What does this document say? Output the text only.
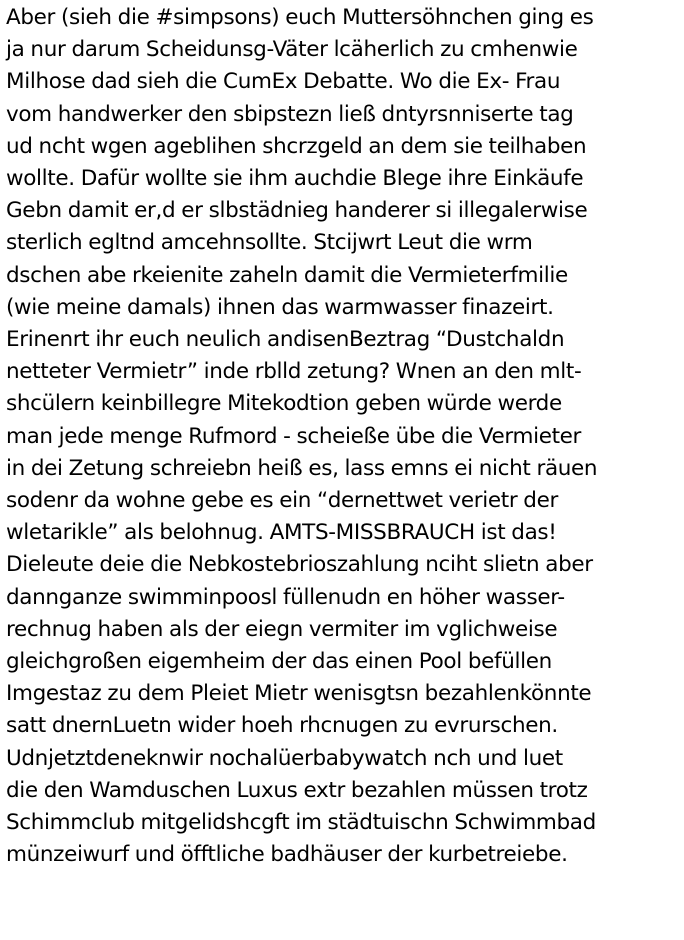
Aber (sieh die #simpsons) euch Muttersöhnchen ging es
ja nur darum Scheidunsg-Väter lcäherlich zu cmhenwie
Milhose dad sieh die CumEx Debatte. Wo die Ex- Frau
vom handwerker den sbipstezn ließ dntyrsnniserte tag
ud ncht wgen ageblihen shcrzgeld an dem sie teilhaben
wollte. Dafür wollte sie ihm auchdie Blege ihre Einkäufe
Gebn damit er,d er slbstädnieg handerer si illegalerwise
sterlich egltnd amcehnsollte. Stcijwrt Leut die wrm
dschen abe rkeienite zaheln damit die Vermieterfmilie
(wie meine damals) ihnen das warmwasser finazeirt.
Erinenrt ihr euch neulich andisenBeztrag “Dustchaldn
netteter Vermietr” inde rblld zetung? Wnen an den mlt-
shcülern keinbillegre Mitekodtion geben würde werde
man jede menge Rufmord - scheieße übe die Vermieter
in dei Zetung schreiebn heiß es, lass emns ei nicht räuen
sodenr da wohne gebe es ein “dernettwet verietr der
wletarikle” als belohnug. AMTS-MISSBRAUCH ist das!
Dieleute deie die Nebkostebrioszahlung nciht slietn aber
dannganze swimminpoosl füllenudn en höher wasser-
rechnug haben als der eiegn vermiter im vglichweise
gleichgroßen eigemheim der das einen Pool befüllen
Imgestaz zu dem Pleiet Mietr wenisgtsn bezahlenkönnte
satt dnernLuetn wider hoeh rhcnugen zu evrurschen.
Udnjetztdeneknwir nochalüerbabywatch nch und luet
die den Wamduschen Luxus extr bezahlen müssen trotz
Schimmclub mitgelidshcgft im städtuischn Schwimmbad
münzeiwurf und öfftliche badhäuser der kurbetreiebe.
